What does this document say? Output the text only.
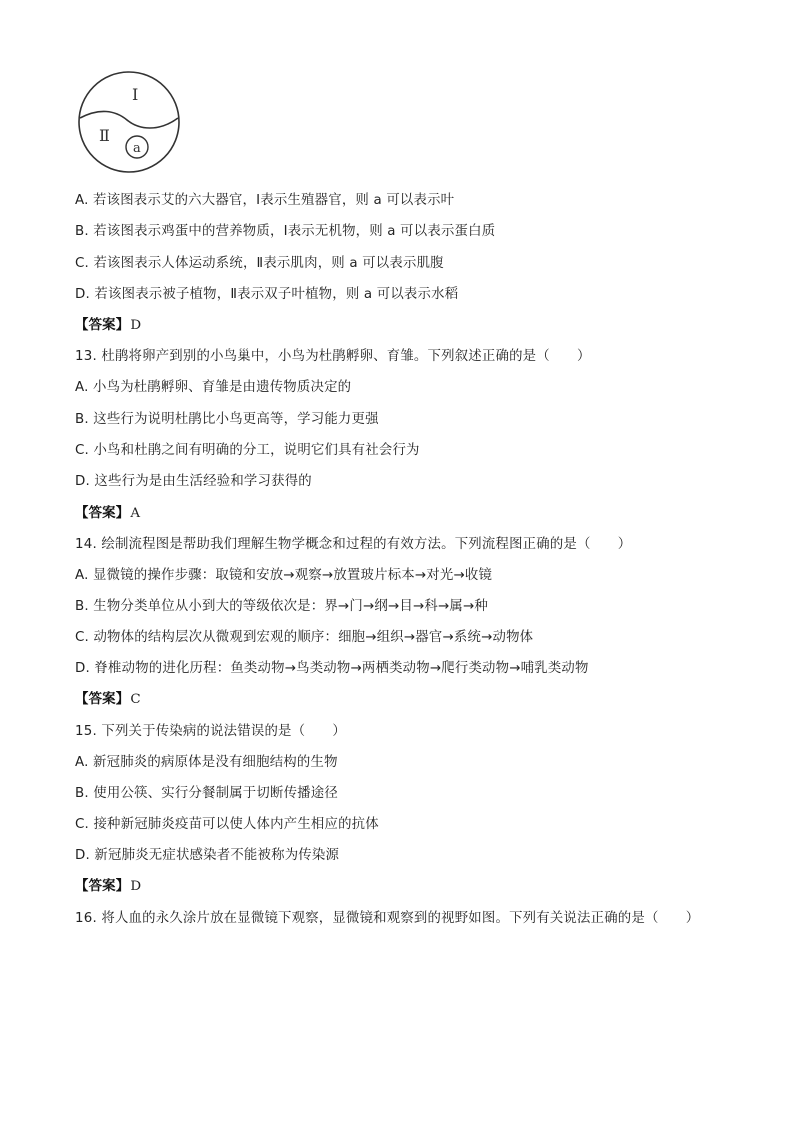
Ⅰ
Ⅱ
a
A. 若该图表示艾的六大器官，Ⅰ表示生殖器官，则 a 可以表示叶
B. 若该图表示鸡蛋中的营养物质，Ⅰ表示无机物，则 a 可以表示蛋白质
C. 若该图表示人体运动系统，Ⅱ表示肌肉，则 a 可以表示肌腹
D. 若该图表示被子植物，Ⅱ表示双子叶植物，则 a 可以表示水稻
【答案】D
13. 杜鹃将卵产到别的小鸟巢中，小鸟为杜鹃孵卵、育雏。下列叙述正确的是（　　）
A. 小鸟为杜鹃孵卵、育雏是由遗传物质决定的
B. 这些行为说明杜鹃比小鸟更高等，学习能力更强
C. 小鸟和杜鹃之间有明确的分工，说明它们具有社会行为
D. 这些行为是由生活经验和学习获得的
【答案】A
14. 绘制流程图是帮助我们理解生物学概念和过程的有效方法。下列流程图正确的是（　　）
A. 显微镜的操作步骤：取镜和安放→观察→放置玻片标本→对光→收镜
B. 生物分类单位从小到大的等级依次是：界→门→纲→目→科→属→种
C. 动物体的结构层次从微观到宏观的顺序：细胞→组织→器官→系统→动物体
D. 脊椎动物的进化历程：鱼类动物→鸟类动物→两栖类动物→爬行类动物→哺乳类动物
【答案】C
15. 下列关于传染病的说法错误的是（　　）
A. 新冠肺炎的病原体是没有细胞结构的生物
B. 使用公筷、实行分餐制属于切断传播途径
C. 接种新冠肺炎疫苗可以使人体内产生相应的抗体
D. 新冠肺炎无症状感染者不能被称为传染源
【答案】D
16. 将人血的永久涂片放在显微镜下观察，显微镜和观察到的视野如图。下列有关说法正确的是（　　）
